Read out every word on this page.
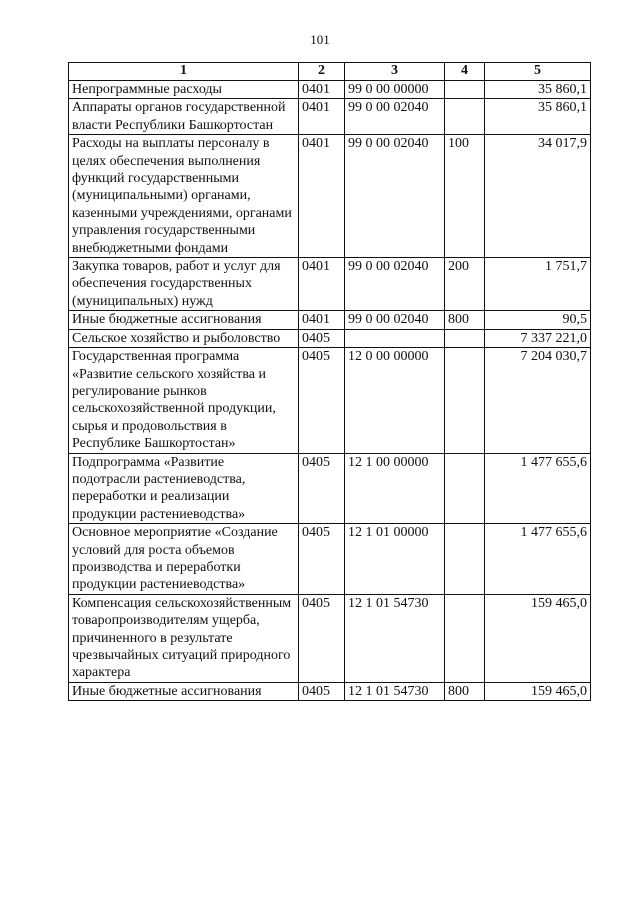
101
1	2	3	4	5
Непрограммные расходы	0401	99 0 00 00000		35 860,1
Аппараты органов государственной власти Республики Башкортостан	0401	99 0 00 02040		35 860,1
Расходы на выплаты персоналу в целях обеспечения выполнения функций государственными (муниципальными) органами, казенными учреждениями, органами управления государственными внебюджетными фондами	0401	99 0 00 02040	100	34 017,9
Закупка товаров, работ и услуг для обеспечения государственных (муниципальных) нужд	0401	99 0 00 02040	200	1 751,7
Иные бюджетные ассигнования	0401	99 0 00 02040	800	90,5
Сельское хозяйство и рыболовство	0405			7 337 221,0
Государственная программа «Развитие сельского хозяйства и регулирование рынков сельскохозяйственной продукции, сырья и продовольствия в Республике Башкортостан»	0405	12 0 00 00000		7 204 030,7
Подпрограмма «Развитие подотрасли растениеводства, переработки и реализации продукции растениеводства»	0405	12 1 00 00000		1 477 655,6
Основное мероприятие «Создание условий для роста объемов производства и переработки продукции растениеводства»	0405	12 1 01 00000		1 477 655,6
Компенсация сельскохозяйственным товаропроизводителям ущерба, причиненного в результате чрезвычайных ситуаций природного характера	0405	12 1 01 54730		159 465,0
Иные бюджетные ассигнования	0405	12 1 01 54730	800	159 465,0
